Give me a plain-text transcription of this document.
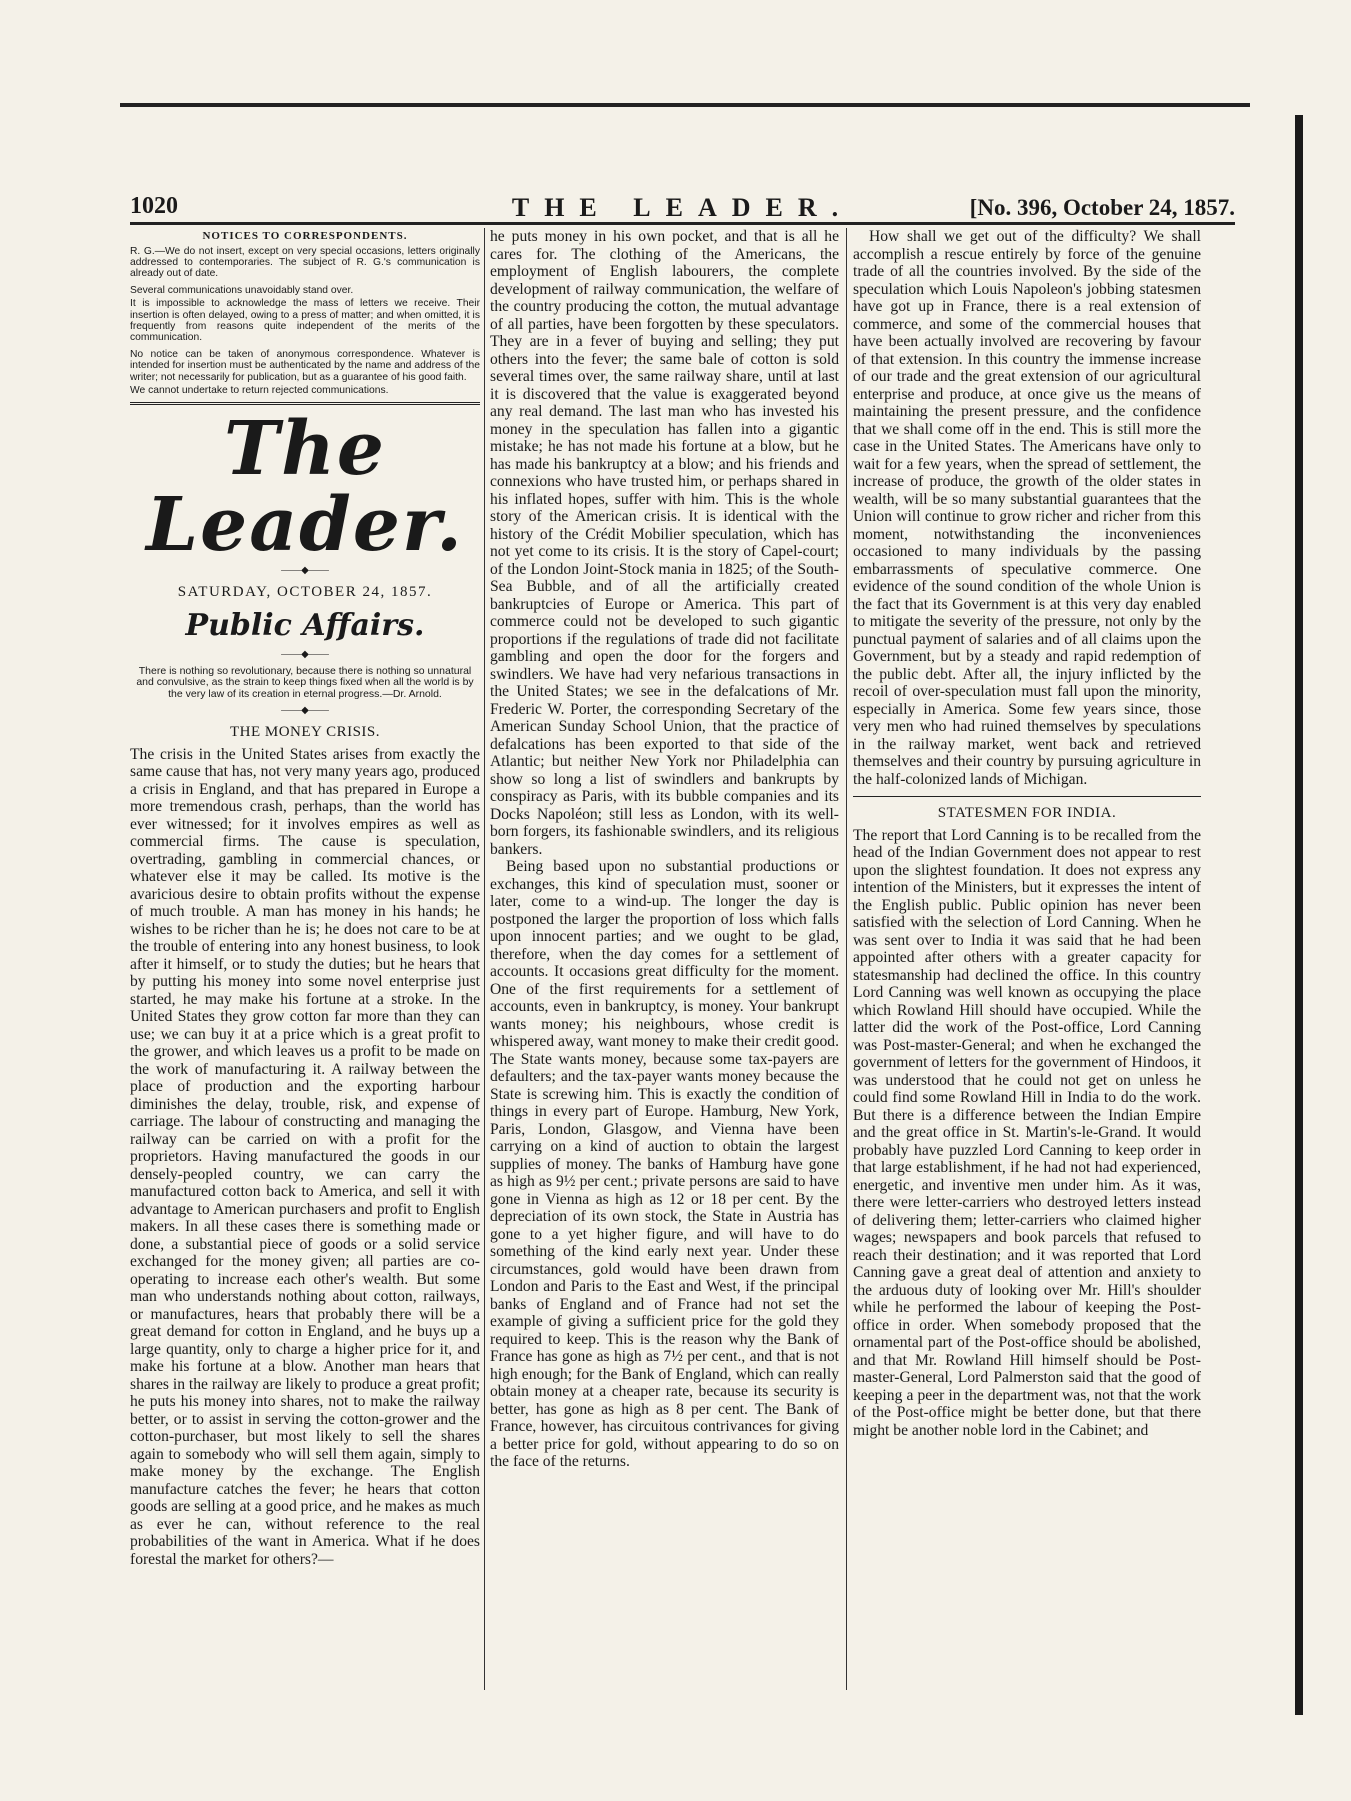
1020	THE LEADER.	[No. 396, October 24, 1857.
NOTICES TO CORRESPONDENTS.

R. G.—We do not insert, except on very special occasions, letters originally addressed to contemporaries. The subject of R. G.'s communication is already out of date.

Several communications unavoidably stand over.

It is impossible to acknowledge the mass of letters we receive. Their insertion is often delayed, owing to a press of matter; and when omitted, it is frequently from reasons quite independent of the merits of the communication.

No notice can be taken of anonymous correspondence. Whatever is intended for insertion must be authenticated by the name and address of the writer; not necessarily for publication, but as a guarantee of his good faith.

We cannot undertake to return rejected communications.

The Leader.
——◆——
SATURDAY, OCTOBER 24, 1857.
Public Affairs.
——◆——
There is nothing so revolutionary, because there is nothing so unnatural and convulsive, as the strain to keep things fixed when all the world is by the very law of its creation in eternal progress.—Dr. Arnold.
——◆——
THE MONEY CRISIS.

The crisis in the United States arises from exactly the same cause that has, not very many years ago, produced a crisis in England, and that has prepared in Europe a more tremendous crash, perhaps, than the world has ever witnessed; for it involves empires as well as commercial firms. The cause is speculation, overtrading, gambling in commercial chances, or whatever else it may be called. Its motive is the avaricious desire to obtain profits without the expense of much trouble. A man has money in his hands; he wishes to be richer than he is; he does not care to be at the trouble of entering into any honest business, to look after it himself, or to study the duties; but he hears that by putting his money into some novel enterprise just started, he may make his fortune at a stroke. In the United States they grow cotton far more than they can use; we can buy it at a price which is a great profit to the grower, and which leaves us a profit to be made on the work of manufacturing it. A railway between the place of production and the exporting harbour diminishes the delay, trouble, risk, and expense of carriage. The labour of constructing and managing the railway can be carried on with a profit for the proprietors. Having manufactured the goods in our densely-peopled country, we can carry the manufactured cotton back to America, and sell it with advantage to American purchasers and profit to English makers. In all these cases there is something made or done, a substantial piece of goods or a solid service exchanged for the money given; all parties are co-operating to increase each other's wealth. But some man who understands nothing about cotton, railways, or manufactures, hears that probably there will be a great demand for cotton in England, and he buys up a large quantity, only to charge a higher price for it, and make his fortune at a blow. Another man hears that shares in the railway are likely to produce a great profit; he puts his money into shares, not to make the railway better, or to assist in serving the cotton-grower and the cotton-purchaser, but most likely to sell the shares again to somebody who will sell them again, simply to make money by the exchange. The English manufacture catches the fever; he hears that cotton goods are selling at a good price, and he makes as much as ever he can, without reference to the real probabilities of the want in America. What if he does forestal the market for others?—

he puts money in his own pocket, and that is all he cares for. The clothing of the Americans, the employment of English labourers, the complete development of railway communication, the welfare of the country producing the cotton, the mutual advantage of all parties, have been forgotten by these speculators. They are in a fever of buying and selling; they put others into the fever; the same bale of cotton is sold several times over, the same railway share, until at last it is discovered that the value is exaggerated beyond any real demand. The last man who has invested his money in the speculation has fallen into a gigantic mistake; he has not made his fortune at a blow, but he has made his bankruptcy at a blow; and his friends and connexions who have trusted him, or perhaps shared in his inflated hopes, suffer with him. This is the whole story of the American crisis. It is identical with the history of the Crédit Mobilier speculation, which has not yet come to its crisis. It is the story of Capel-court; of the London Joint-Stock mania in 1825; of the South-Sea Bubble, and of all the artificially created bankruptcies of Europe or America. This part of commerce could not be developed to such gigantic proportions if the regulations of trade did not facilitate gambling and open the door for the forgers and swindlers. We have had very nefarious transactions in the United States; we see in the defalcations of Mr. Frederic W. Porter, the corresponding Secretary of the American Sunday School Union, that the practice of defalcations has been exported to that side of the Atlantic; but neither New York nor Philadelphia can show so long a list of swindlers and bankrupts by conspiracy as Paris, with its bubble companies and its Docks Napoléon; still less as London, with its well-born forgers, its fashionable swindlers, and its religious bankers.

Being based upon no substantial productions or exchanges, this kind of speculation must, sooner or later, come to a wind-up. The longer the day is postponed the larger the proportion of loss which falls upon innocent parties; and we ought to be glad, therefore, when the day comes for a settlement of accounts. It occasions great difficulty for the moment. One of the first requirements for a settlement of accounts, even in bankruptcy, is money. Your bankrupt wants money; his neighbours, whose credit is whispered away, want money to make their credit good. The State wants money, because some tax-payers are defaulters; and the tax-payer wants money because the State is screwing him. This is exactly the condition of things in every part of Europe. Hamburg, New York, Paris, London, Glasgow, and Vienna have been carrying on a kind of auction to obtain the largest supplies of money. The banks of Hamburg have gone as high as 9½ per cent.; private persons are said to have gone in Vienna as high as 12 or 18 per cent. By the depreciation of its own stock, the State in Austria has gone to a yet higher figure, and will have to do something of the kind early next year. Under these circumstances, gold would have been drawn from London and Paris to the East and West, if the principal banks of England and of France had not set the example of giving a sufficient price for the gold they required to keep. This is the reason why the Bank of France has gone as high as 7½ per cent., and that is not high enough; for the Bank of England, which can really obtain money at a cheaper rate, because its security is better, has gone as high as 8 per cent. The Bank of France, however, has circuitous contrivances for giving a better price for gold, without appearing to do so on the face of the returns.

How shall we get out of the difficulty? We shall accomplish a rescue entirely by force of the genuine trade of all the countries involved. By the side of the speculation which Louis Napoleon's jobbing statesmen have got up in France, there is a real extension of commerce, and some of the commercial houses that have been actually involved are recovering by favour of that extension. In this country the immense increase of our trade and the great extension of our agricultural enterprise and produce, at once give us the means of maintaining the present pressure, and the confidence that we shall come off in the end. This is still more the case in the United States. The Americans have only to wait for a few years, when the spread of settlement, the increase of produce, the growth of the older states in wealth, will be so many substantial guarantees that the Union will continue to grow richer and richer from this moment, notwithstanding the inconveniences occasioned to many individuals by the passing embarrassments of speculative commerce. One evidence of the sound condition of the whole Union is the fact that its Government is at this very day enabled to mitigate the severity of the pressure, not only by the punctual payment of salaries and of all claims upon the Government, but by a steady and rapid redemption of the public debt. After all, the injury inflicted by the recoil of over-speculation must fall upon the minority, especially in America. Some few years since, those very men who had ruined themselves by speculations in the railway market, went back and retrieved themselves and their country by pursuing agriculture in the half-colonized lands of Michigan.

STATESMEN FOR INDIA.

The report that Lord Canning is to be recalled from the head of the Indian Government does not appear to rest upon the slightest foundation. It does not express any intention of the Ministers, but it expresses the intent of the English public. Public opinion has never been satisfied with the selection of Lord Canning. When he was sent over to India it was said that he had been appointed after others with a greater capacity for statesmanship had declined the office. In this country Lord Canning was well known as occupying the place which Rowland Hill should have occupied. While the latter did the work of the Post-office, Lord Canning was Post-master-General; and when he exchanged the government of letters for the government of Hindoos, it was understood that he could not get on unless he could find some Rowland Hill in India to do the work. But there is a difference between the Indian Empire and the great office in St. Martin's-le-Grand. It would probably have puzzled Lord Canning to keep order in that large establishment, if he had not had experienced, energetic, and inventive men under him. As it was, there were letter-carriers who destroyed letters instead of delivering them; letter-carriers who claimed higher wages; newspapers and book parcels that refused to reach their destination; and it was reported that Lord Canning gave a great deal of attention and anxiety to the arduous duty of looking over Mr. Hill's shoulder while he performed the labour of keeping the Post-office in order. When somebody proposed that the ornamental part of the Post-office should be abolished, and that Mr. Rowland Hill himself should be Post-master-General, Lord Palmerston said that the good of keeping a peer in the department was, not that the work of the Post-office might be better done, but that there might be another noble lord in the Cabinet; and
